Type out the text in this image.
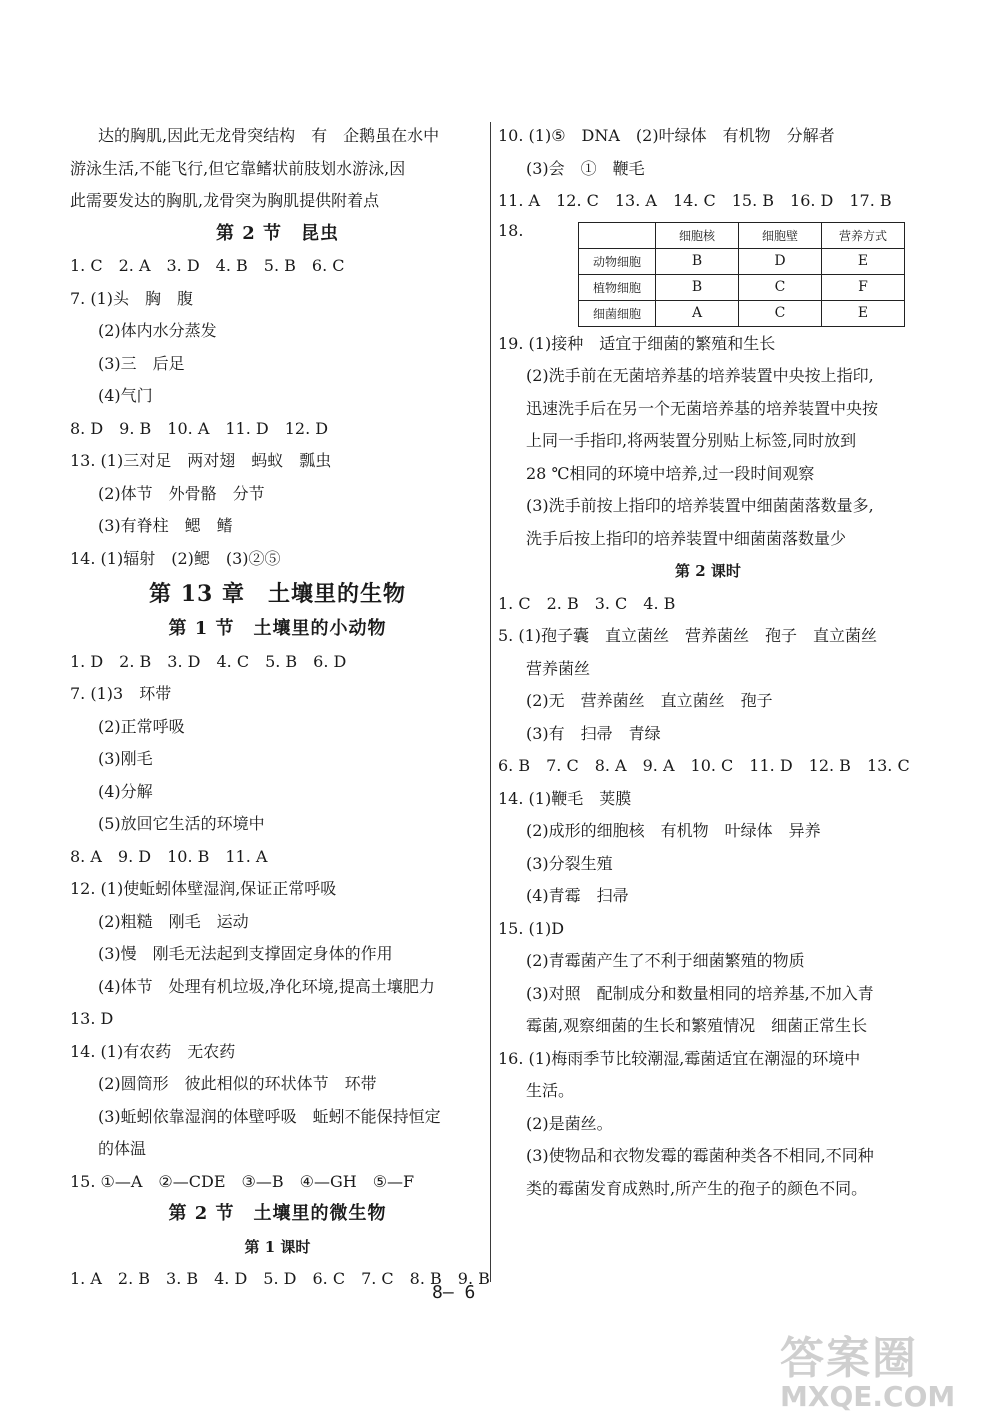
达的胸肌,因此无龙骨突结构　有　企鹅虽在水中
游泳生活,不能飞行,但它靠鳍状前肢划水游泳,因
此需要发达的胸肌,龙骨突为胸肌提供附着点
第 2 节　昆虫
1. C　2. A　3. D　4. B　5. B　6. C
7. (1)头　胸　腹
(2)体内水分蒸发
(3)三　后足
(4)气门
8. D　9. B　10. A　11. D　12. D
13. (1)三对足　两对翅　蚂蚁　瓢虫
(2)体节　外骨骼　分节
(3)有脊柱　鳃　鳍
14. (1)辐射　(2)鳃　(3)②⑤
第 13 章　土壤里的生物
第 1 节　土壤里的小动物
1. D　2. B　3. D　4. C　5. B　6. D
7. (1)3　环带
(2)正常呼吸
(3)刚毛
(4)分解
(5)放回它生活的环境中
8. A　9. D　10. B　11. A
12. (1)使蚯蚓体壁湿润,保证正常呼吸
(2)粗糙　刚毛　运动
(3)慢　刚毛无法起到支撑固定身体的作用
(4)体节　处理有机垃圾,净化环境,提高土壤肥力
13. D
14. (1)有农药　无农药
(2)圆筒形　彼此相似的环状体节　环带
(3)蚯蚓依靠湿润的体壁呼吸　蚯蚓不能保持恒定
的体温
15. ①—A　②—CDE　③—B　④—GH　⑤—F
第 2 节　土壤里的微生物
第 1 课时
1. A　2. B　3. B　4. D　5. D　6. C　7. C　8. B　9. B
10. (1)⑤　DNA　(2)叶绿体　有机物　分解者
(3)会　①　鞭毛
11. A　12. C　13. A　14. C　15. B　16. D　17. B
18.
		细胞核	细胞壁	营养方式
动物细胞	B	D	E
植物细胞	B	C	F
细菌细胞	A	C	E
19. (1)接种　适宜于细菌的繁殖和生长
(2)洗手前在无菌培养基的培养装置中央按上指印,
迅速洗手后在另一个无菌培养基的培养装置中央按
上同一手指印,将两装置分别贴上标签,同时放到
28 ℃相同的环境中培养,过一段时间观察
(3)洗手前按上指印的培养装置中细菌菌落数量多,
洗手后按上指印的培养装置中细菌菌落数量少
第 2 课时
1. C　2. B　3. C　4. B
5. (1)孢子囊　直立菌丝　营养菌丝　孢子　直立菌丝
营养菌丝
(2)无　营养菌丝　直立菌丝　孢子
(3)有　扫帚　青绿
6. B　7. C　8. A　9. A　10. C　11. D　12. B　13. C
14. (1)鞭毛　荚膜
(2)成形的细胞核　有机物　叶绿体　异养
(3)分裂生殖
(4)青霉　扫帚
15. (1)D
(2)青霉菌产生了不利于细菌繁殖的物质
(3)对照　配制成分和数量相同的培养基,不加入青
霉菌,观察细菌的生长和繁殖情况　细菌正常生长
16. (1)梅雨季节比较潮湿,霉菌适宜在潮湿的环境中
生活。
(2)是菌丝。
(3)使物品和衣物发霉的霉菌种类各不相同,不同种
类的霉菌发育成熟时,所产生的孢子的颜色不同。
8— 6
答案圈
MXQE.COM
